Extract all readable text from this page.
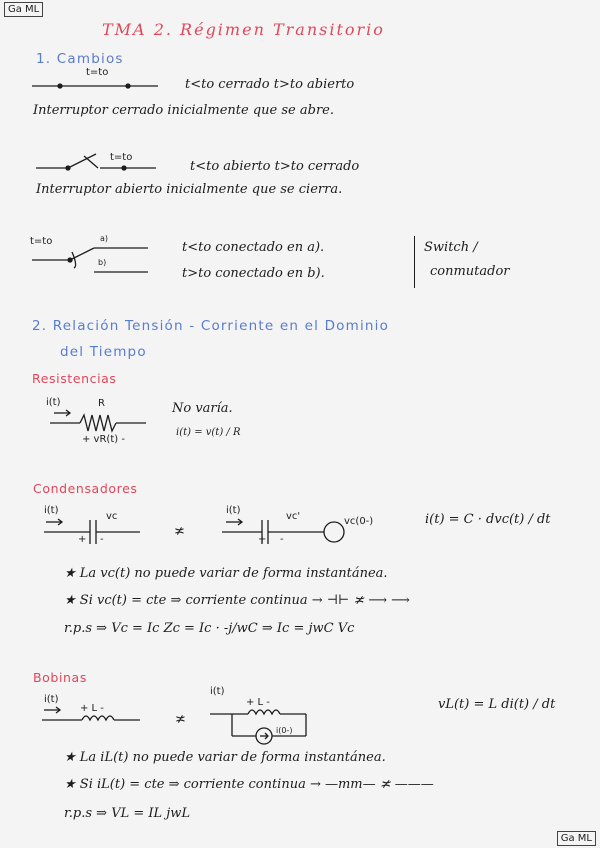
Ga ML
Ga ML
TMA 2. Régimen Transitorio
1. Cambios
t=to
t<to cerrado t>to abierto
Interruptor cerrado inicialmente que se abre.
t=to
t<to abierto t>to cerrado
Interruptor abierto inicialmente que se cierra.
t=to	a)
b)
t<to conectado en a).
t>to conectado en b).
Switch /
conmutador
2. Relación Tensión - Corriente en el Dominio
del Tiempo
Resistencias
i(t)	R
+ vR(t) -
No varía.
i(t) = v(t) / R
Condensadores
i(t)
vc
+ -
≭
i(t)
vc'
+ -
vc(0-)	i(t) = C · dvc(t) / dt
★ La vc(t) no puede variar de forma instantánea.
★ Si vc(t) = cte ⇒ corriente continua → ⊣⊢ ≭ ⟶ ⟶
r.p.s ⇒ Vc = Ic Zc = Ic · -j/wC ⇒ Ic = jwC Vc
Bobinas
i(t)
+ L -
≭
i(t)
+ L -
i(0-)
vL(t) = L di(t) / dt
★ La iL(t) no puede variar de forma instantánea.
★ Si iL(t) = cte ⇒ corriente continua → —mm— ≭ ———
r.p.s ⇒ VL = IL jwL
